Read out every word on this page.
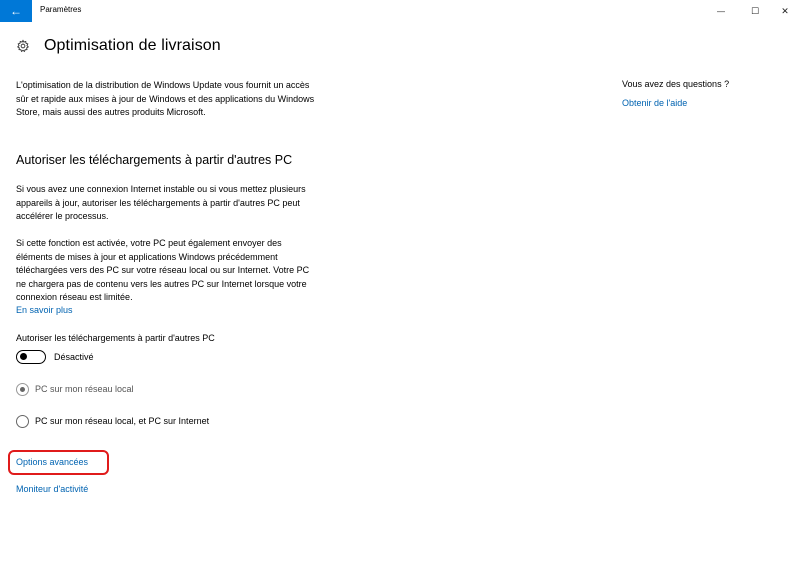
← Paramètres	—	☐ ✕
Optimisation de livraison

L'optimisation de la distribution de Windows Update vous fournit un accès sûr et rapide aux mises à jour de Windows et des applications du Windows Store, mais aussi des autres produits Microsoft.

Autoriser les téléchargements à partir d'autres PC

Si vous avez une connexion Internet instable ou si vous mettez plusieurs appareils à jour, autoriser les téléchargements à partir d'autres PC peut accélérer le processus.

Si cette fonction est activée, votre PC peut également envoyer des éléments de mises à jour et applications Windows précédemment téléchargées vers des PC sur votre réseau local ou sur Internet. Votre PC ne chargera pas de contenu vers les autres PC sur Internet lorsque votre connexion réseau est limitée.

En savoir plus
Autoriser les téléchargements à partir d'autres PC
Désactivé
PC sur mon réseau local
PC sur mon réseau local, et PC sur Internet
Options avancées
Moniteur d'activité
Vous avez des questions ?
Obtenir de l'aide
